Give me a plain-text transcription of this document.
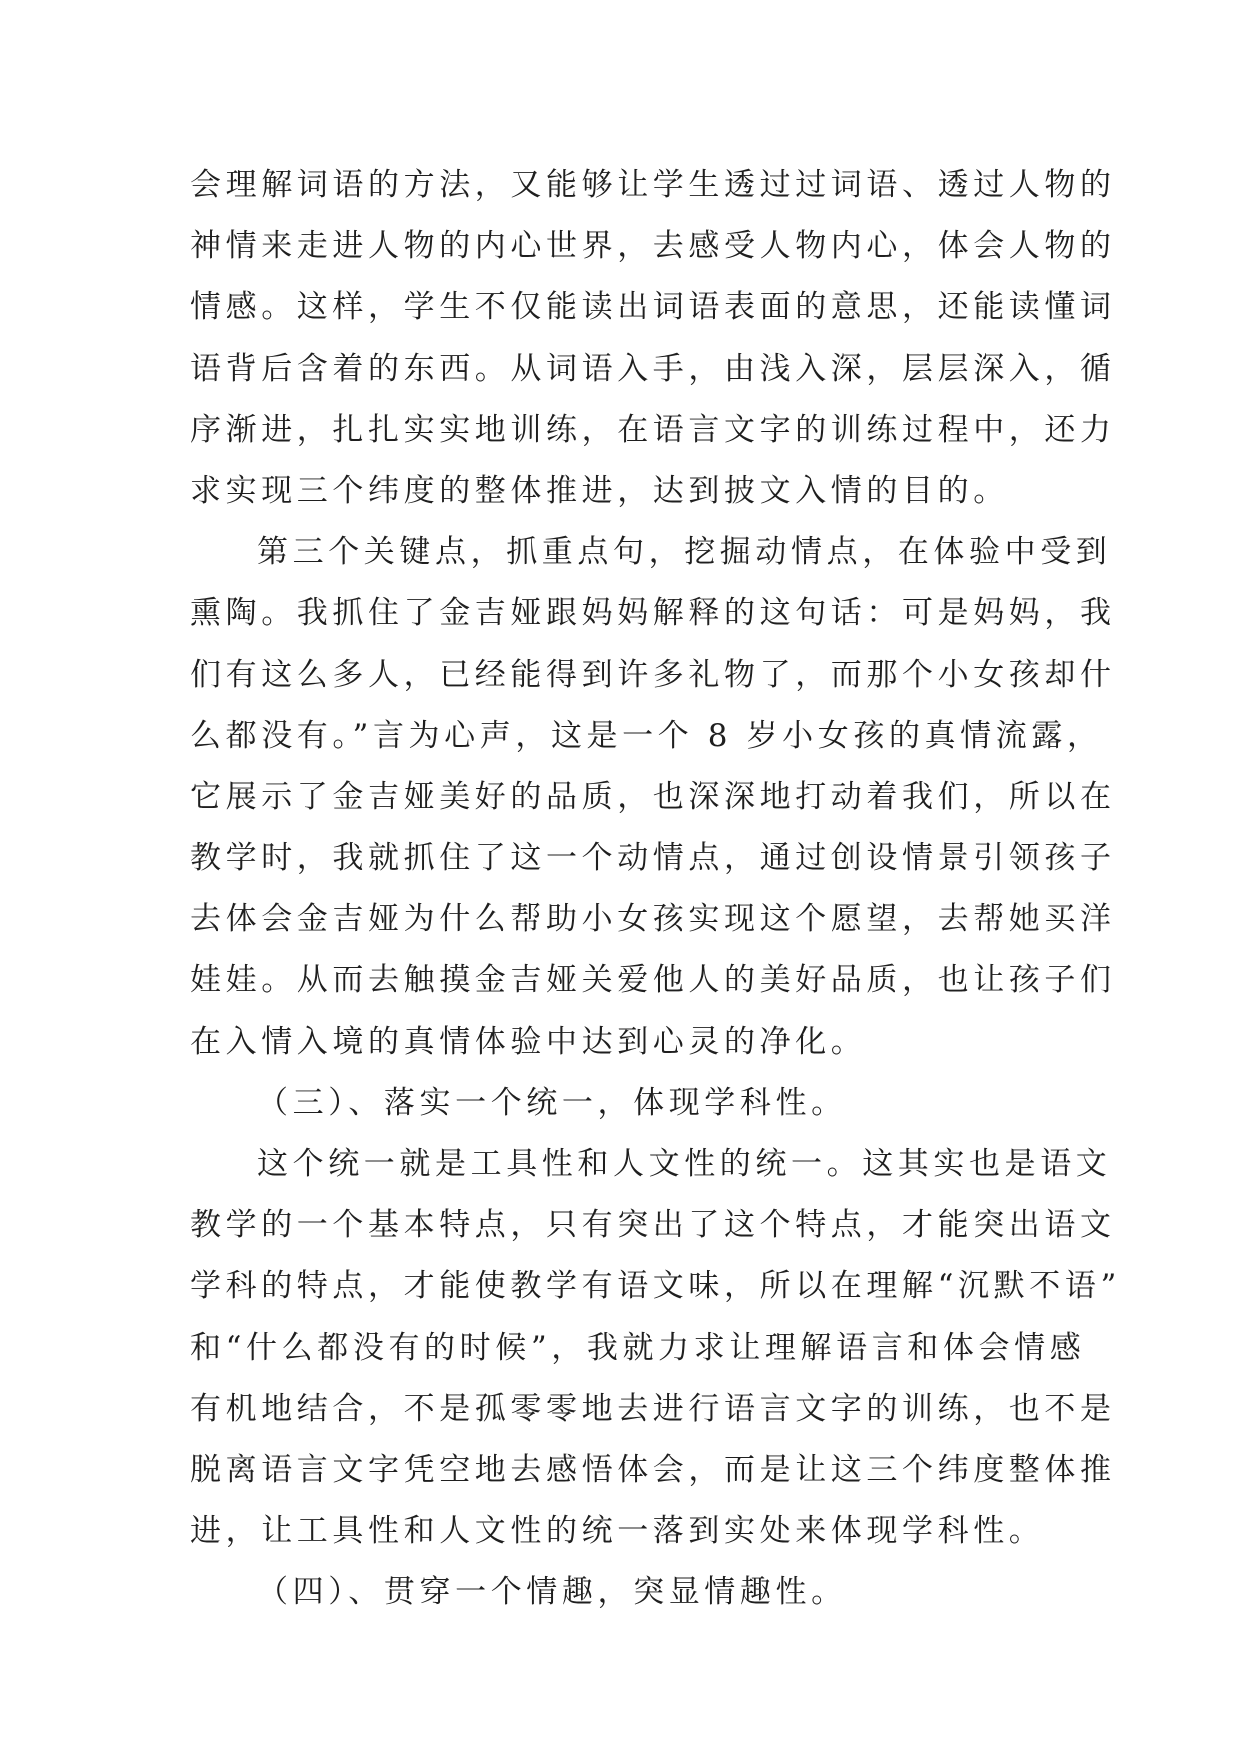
会理解词语的方法，又能够让学生透过过词语、透过人物的
神情来走进人物的内心世界，去感受人物内心，体会人物的
情感。这样，学生不仅能读出词语表面的意思，还能读懂词
语背后含着的东西。从词语入手，由浅入深，层层深入，循
序渐进，扎扎实实地训练，在语言文字的训练过程中，还力
求实现三个纬度的整体推进，达到披文入情的目的。
第三个关键点，抓重点句，挖掘动情点，在体验中受到
熏陶。我抓住了金吉娅跟妈妈解释的这句话：可是妈妈，我
们有这么多人，已经能得到许多礼物了，而那个小女孩却什
么都没有。”言为心声，这是一个 8 岁小女孩的真情流露，
它展示了金吉娅美好的品质，也深深地打动着我们，所以在
教学时，我就抓住了这一个动情点，通过创设情景引领孩子
去体会金吉娅为什么帮助小女孩实现这个愿望，去帮她买洋
娃娃。从而去触摸金吉娅关爱他人的美好品质，也让孩子们
在入情入境的真情体验中达到心灵的净化。
（三）、落实一个统一，体现学科性。
这个统一就是工具性和人文性的统一。这其实也是语文
教学的一个基本特点，只有突出了这个特点，才能突出语文
学科的特点，才能使教学有语文味，所以在理解“沉默不语”
和“什么都没有的时候”，我就力求让理解语言和体会情感
有机地结合，不是孤零零地去进行语言文字的训练，也不是
脱离语言文字凭空地去感悟体会，而是让这三个纬度整体推
进，让工具性和人文性的统一落到实处来体现学科性。
（四）、贯穿一个情趣，突显情趣性。
